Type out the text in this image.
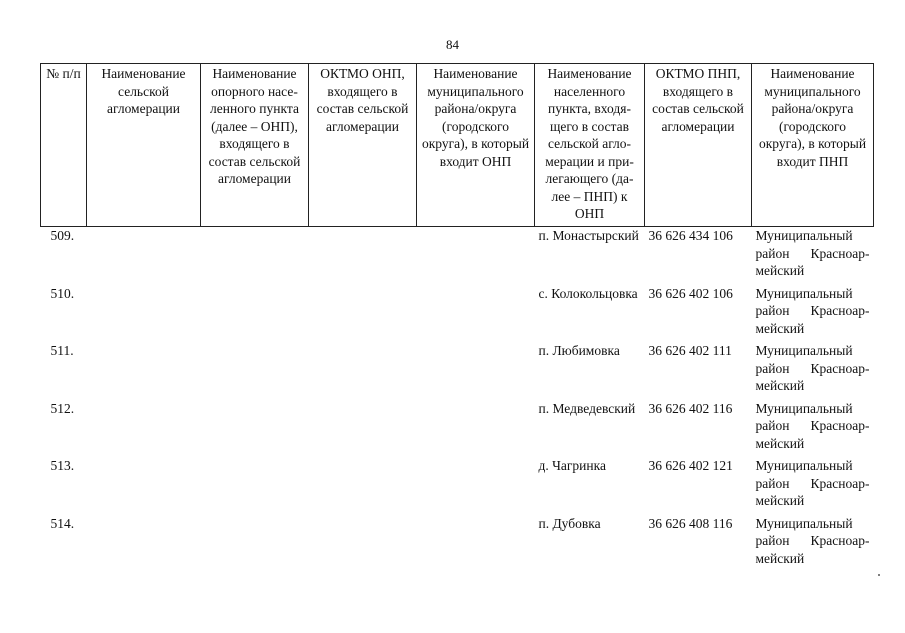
84
№ п/п	Наименование сельской агломерации	Наименование опорного населенного пункта (далее – ОНП), входящего в состав сельской агломерации	ОКТМО ОНП, входящего в состав сельской агломерации	Наименование муниципального района/округа (городского округа), в который входит ОНП	Наименование населенного пункта, входящего в состав сельской агломерации и прилегающего (далее – ПНП) к ОНП	ОКТМО ПНП, входящего в состав сельской агломерации	Наименование муниципального района/округа (городского округа), в который входит ПНП
509.					п. Монастырский	36 626 434 106	Муниципальный район Красноармейский
510.					с. Колокольцовка	36 626 402 106	Муниципальный район Красноармейский
511.					п. Любимовка	36 626 402 111	Муниципальный район Красноармейский
512.					п. Медведевский	36 626 402 116	Муниципальный район Красноармейский
513.					д. Чагринка	36 626 402 121	Муниципальный район Красноармейский
514.					п. Дубовка	36 626 408 116	Муниципальный район Красноармейский
